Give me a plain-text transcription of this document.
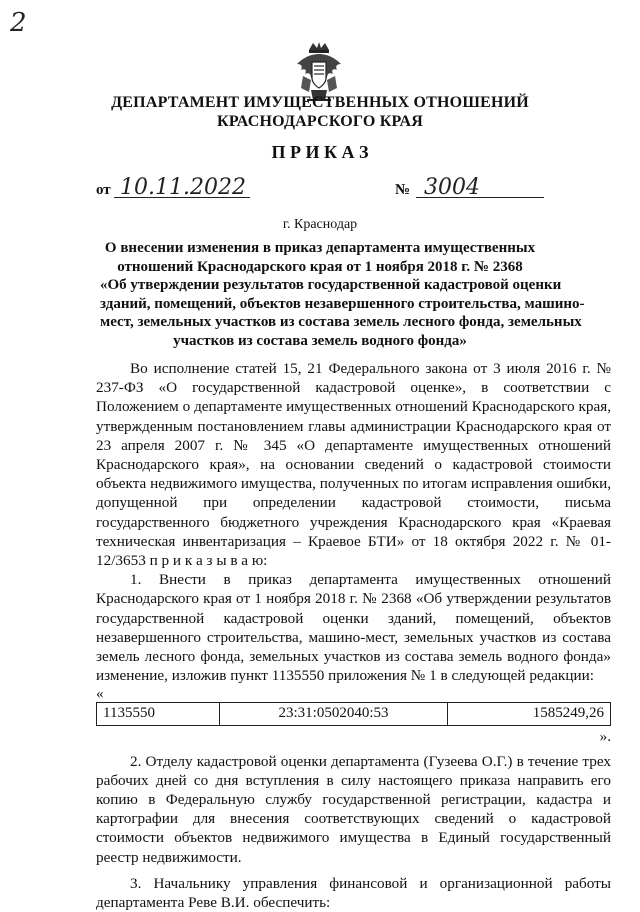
2
ДЕПАРТАМЕНТ ИМУЩЕСТВЕННЫХ ОТНОШЕНИЙ
КРАСНОДАРСКОГО КРАЯ
П Р И К А З
от 10.11.2022	№ 3004
г. Краснодар
О внесении изменения в приказ департамента имущественных
отношений Краснодарского края от 1 ноября 2018 г. № 2368
«Об утверждении результатов государственной кадастровой оценки
зданий, помещений, объектов незавершенного строительства, машино-
мест, земельных участков из состава земель лесного фонда, земельных
участков из состава земель водного фонда»

Во исполнение статей 15, 21 Федерального закона от 3 июля 2016 г. № 237-ФЗ «О государственной кадастровой оценке», в соответствии с Положением о департаменте имущественных отношений Краснодарского края, утвержденным постановлением главы администрации Краснодарского края от 23 апреля 2007 г. № 345 «О департаменте имущественных отношений Краснодарского края», на основании сведений о кадастровой стоимости объекта недвижимого имущества, полученных по итогам исправления ошибки, допущенной при определении кадастровой стоимости, письма государственного бюджетного учреждения Краснодарского края «Краевая техническая инвентаризация – Краевое БТИ» от 18 октября 2022 г. № 01-12/3653 п р и к а з ы в а ю:

1. Внести в приказ департамента имущественных отношений Краснодарского края от 1 ноября 2018 г. № 2368 «Об утверждении результатов государственной кадастровой оценки зданий, помещений, объектов незавершенного строительства, машино-мест, земельных участков из состава земель лесного фонда, земельных участков из состава земель водного фонда» изменение, изложив пункт 1135550 приложения № 1 в следующей редакции:

«
1135550	23:31:0502040:53	1585249,26
».

2. Отделу кадастровой оценки департамента (Гузеева О.Г.) в течение трех рабочих дней со дня вступления в силу настоящего приказа направить его копию в Федеральную службу государственной регистрации, кадастра и картографии для внесения соответствующих сведений о кадастровой стоимости объектов недвижимого имущества в Единый государственный реестр недвижимости.

3. Начальнику управления финансовой и организационной работы департамента Реве В.И. обеспечить:
